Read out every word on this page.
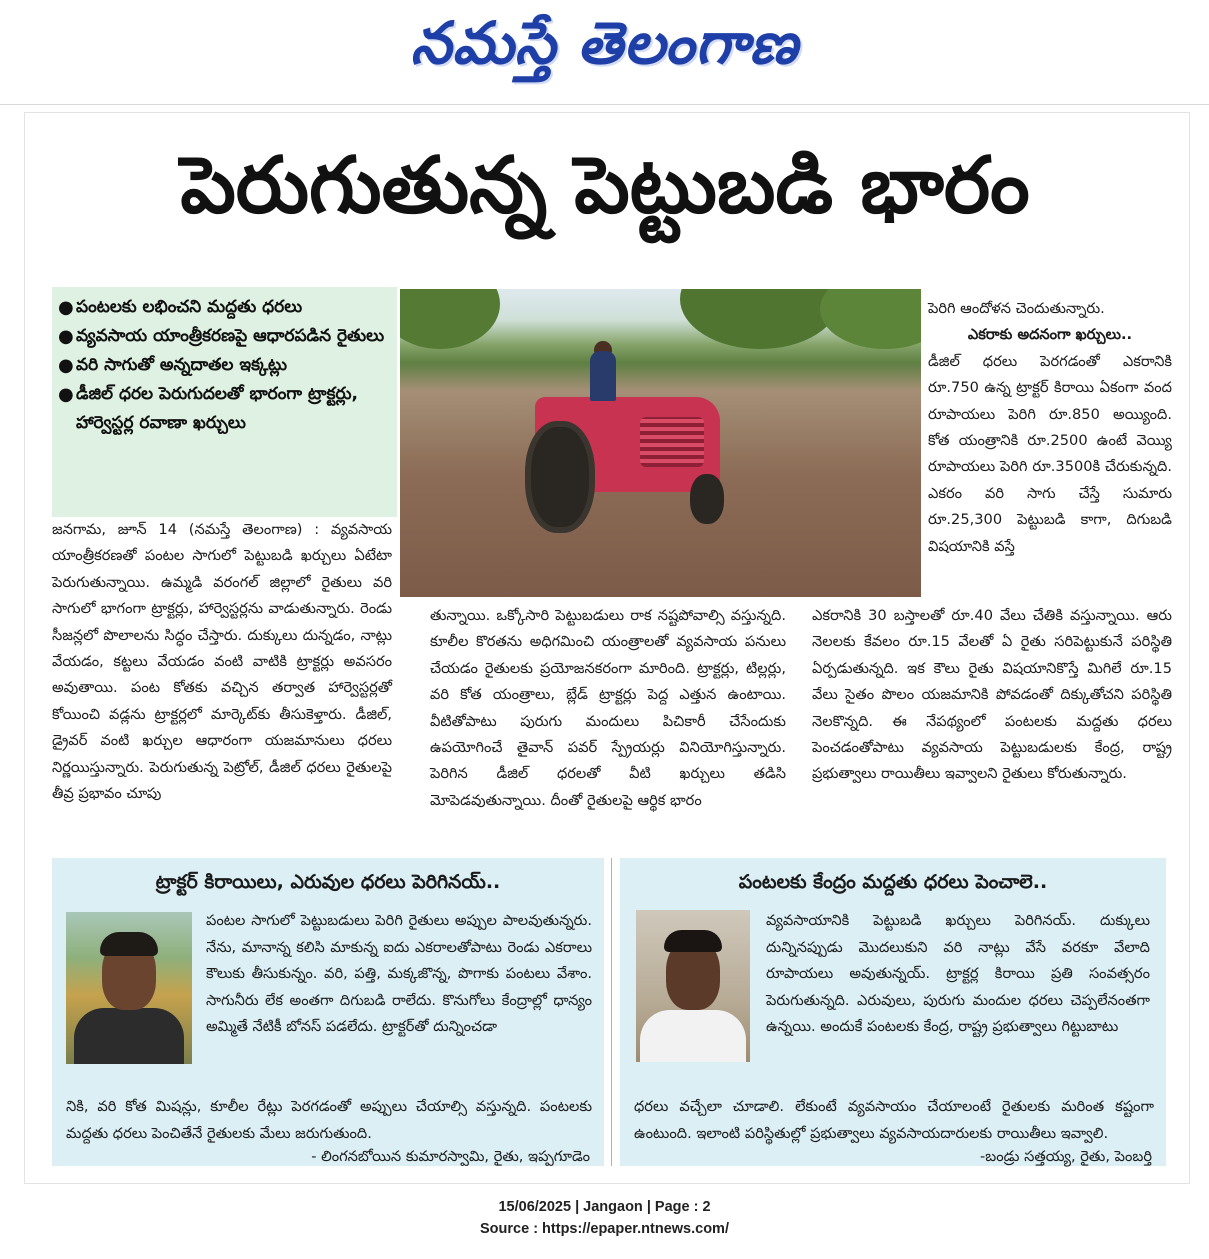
నమస్తే తెలంగాణ
పెరుగుతున్న పెట్టుబడి భారం
● పంటలకు లభించని మద్దతు ధరలు
● వ్యవసాయ యాంత్రీకరణపై ఆధారపడిన రైతులు
● వరి సాగుతో అన్నదాతల ఇక్కట్లు
● డీజిల్ ధరల పెరుగుదలతో భారంగా ట్రాక్టర్లు, హార్వెస్టర్ల రవాణా ఖర్చులు

జనగామ, జూన్ 14 (నమస్తే తెలంగాణ) : వ్యవసాయ యాంత్రీకరణతో పంటల సాగులో పెట్టుబడి ఖర్చులు ఏటేటా పెరుగుతున్నాయి. ఉమ్మడి వరంగల్ జిల్లాలో రైతులు వరి సాగులో భాగంగా ట్రాక్టర్లు, హార్వెస్టర్లను వాడుతున్నారు. రెండు సీజన్లలో పొలాలను సిద్ధం చేస్తారు. దుక్కులు దున్నడం, నాట్లు వేయడం, కట్టలు వేయడం వంటి వాటికి ట్రాక్టర్లు అవసరం అవుతాయి. పంట కోతకు వచ్చిన తర్వాత హార్వెస్టర్లతో కోయించి వడ్లను ట్రాక్టర్లలో మార్కెట్‌కు తీసుకెళ్తారు. డీజిల్, డ్రైవర్ వంటి ఖర్చుల ఆధారంగా యజమానులు ధరలు నిర్ణయిస్తున్నారు. పెరుగుతున్న పెట్రోల్, డీజిల్ ధరలు రైతులపై తీవ్ర ప్రభావం చూపు

తున్నాయి. ఒక్కోసారి పెట్టుబడులు రాక నష్టపోవాల్సి వస్తున్నది. కూలీల కొరతను అధిగమించి యంత్రాలతో వ్యవసాయ పనులు చేయడం రైతులకు ప్రయోజనకరంగా మారింది. ట్రాక్టర్లు, టిల్లర్లు, వరి కోత యంత్రాలు, బ్లేడ్ ట్రాక్టర్లు పెద్ద ఎత్తున ఉంటాయి. వీటితోపాటు పురుగు మందులు పిచికారీ చేసేందుకు ఉపయోగించే తైవాన్ పవర్ స్ప్రేయర్లు వినియోగిస్తున్నారు. పెరిగిన డీజిల్ ధరలతో వీటి ఖర్చులు తడిసి మోపెడవుతున్నాయి. దీంతో రైతులపై ఆర్థిక భారం

పెరిగి ఆందోళన చెందుతున్నారు.

ఎకరాకు అదనంగా ఖర్చులు..

డీజిల్ ధరలు పెరగడంతో ఎకరానికి రూ.750 ఉన్న ట్రాక్టర్ కిరాయి ఏకంగా వంద రూపాయలు పెరిగి రూ.850 అయ్యింది. కోత యంత్రానికి రూ.2500 ఉంటే వెయ్యి రూపాయలు పెరిగి రూ.3500కి చేరుకున్నది. ఎకరం వరి సాగు చేస్తే సుమారు రూ.25,300 పెట్టుబడి కాగా, దిగుబడి విషయానికి వస్తే

ఎకరానికి 30 బస్తాలతో రూ.40 వేలు చేతికి వస్తున్నాయి. ఆరు నెలలకు కేవలం రూ.15 వేలతో ఏ రైతు సరిపెట్టుకునే పరిస్థితి ఏర్పడుతున్నది. ఇక కౌలు రైతు విషయానికొస్తే మిగిలే రూ.15 వేలు సైతం పొలం యజమానికి పోవడంతో దిక్కుతోచని పరిస్థితి నెలకొన్నది. ఈ నేపథ్యంలో పంటలకు మద్దతు ధరలు పెంచడంతోపాటు వ్యవసాయ పెట్టుబడులకు కేంద్ర, రాష్ట్ర ప్రభుత్వాలు రాయితీలు ఇవ్వాలని రైతులు కోరుతున్నారు.

ట్రాక్టర్ కిరాయిలు, ఎరువుల ధరలు పెరిగినయ్..
పంటల సాగులో పెట్టుబడులు పెరిగి రైతులు అప్పుల పాలవుతున్నరు. నేను, మానాన్న కలిసి మాకున్న ఐదు ఎకరాలతోపాటు రెండు ఎకరాలు కౌలుకు తీసుకున్నం. వరి, పత్తి, మక్కజొన్న, పొగాకు పంటలు వేశాం. సాగునీరు లేక అంతగా దిగుబడి రాలేదు. కొనుగోలు కేంద్రాల్లో ధాన్యం అమ్మితే నేటికీ బోనస్ పడలేదు. ట్రాక్టర్‌తో దున్నించడా
నికి, వరి కోత మిషన్లు, కూలీల రేట్లు పెరగడంతో అప్పులు చేయాల్సి వస్తున్నది. పంటలకు మద్దతు ధరలు పెంచితేనే రైతులకు మేలు జరుగుతుంది.
- లింగనబోయిన కుమారస్వామి, రైతు, ఇప్పగూడెం
పంటలకు కేంద్రం మద్దతు ధరలు పెంచాలె..
వ్యవసాయానికి పెట్టుబడి ఖర్చులు పెరిగినయ్. దుక్కులు దున్నినప్పుడు మొదలుకుని వరి నాట్లు వేసే వరకూ వేలాది రూపాయలు అవుతున్నయ్. ట్రాక్టర్ల కిరాయి ప్రతి సంవత్సరం పెరుగుతున్నది. ఎరువులు, పురుగు మందుల ధరలు చెప్పలేనంతగా ఉన్నయి. అందుకే పంటలకు కేంద్ర, రాష్ట్ర ప్రభుత్వాలు గిట్టుబాటు
ధరలు వచ్చేలా చూడాలి. లేకుంటే వ్యవసాయం చేయాలంటే రైతులకు మరింత కష్టంగా ఉంటుంది. ఇలాంటి పరిస్థితుల్లో ప్రభుత్వాలు వ్యవసాయదారులకు రాయితీలు ఇవ్వాలి.
-బండ్రు సత్తయ్య, రైతు, పెంబర్తి
15/06/2025 | Jangaon | Page : 2
Source : https://epaper.ntnews.com/
